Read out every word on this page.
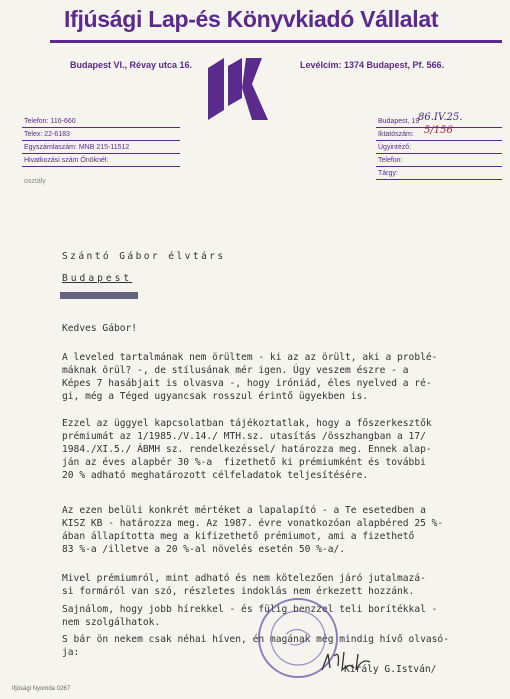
Ifjúsági Lap-és Könyvkiadó Vállalat
Budapest VI., Révay utca 16.	Levélcím: 1374 Budapest, Pf. 566.
Telefon: 116-660
Telex: 22-6183
Egyszámlaszám: MNB 215-11512
Hivatkozási szám Önöknél:
osztály
Budapest, 19
86.IV.25.
Iktatószám: 5/156
Ügyintéző:
Telefon:
Tárgy:
Szántó Gábor élvtárs
Budapest
Kedves Gábor!
A leveled tartalmának nem örültem - ki az az örült, aki a problé-
máknak örül? -, de stílusának mér igen. Úgy veszem észre - a
Képes 7 hasábjait is olvasva -, hogy iróniád, éles nyelved a ré-
gi, még a Téged ugyancsak rosszul érintő ügyekben is.
Ezzel az üggyel kapcsolatban tájékoztatlak, hogy a főszerkesztők
prémiumát az 1/1985./V.14./ MTH.sz. utasítás /összhangban a 17/
1984./XI.5./ ÁBMH sz. rendelkezéssel/ határozza meg. Ennek alap-
ján az éves alapbér 30 %-a  fizethető ki prémiumként és további
20 % adható meghatározott célfeladatok teljesítésére.
Az ezen belüli konkrét mértéket a lapalapító - a Te esetedben a
KISZ KB - határozza meg. Az 1987. évre vonatkozóan alapbéred 25 %-
ában állapította meg a kifizethető prémiumot, ami a fizethető
83 %-a /illetve a 20 %-al növelés esetén 50 %-a/.
Mivel prémiumról, mint adható és nem kötelezően járó jutalmazá-
si formáról van szó, részletes indoklás nem érkezett hozzánk.
Sajnálom, hogy jobb hírekkel - és fülig benzzel teli borítékkal -
nem szolgálhatok.
S bár ön nekem csak néhai híven, én magának még mindig hívő olvasó-
ja:
Király G.István/
Ifjúsági Nyomda 0267
